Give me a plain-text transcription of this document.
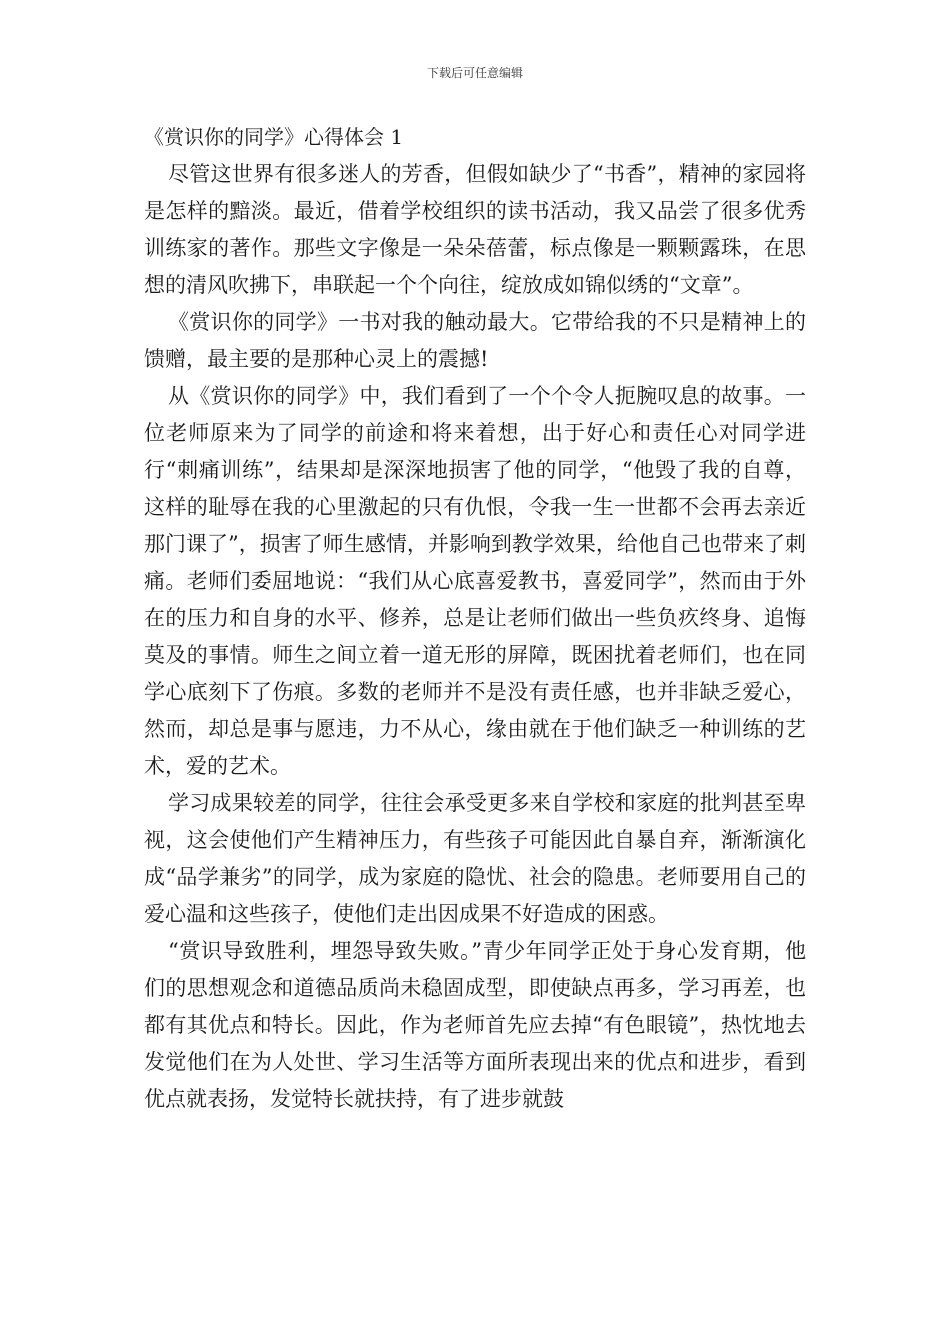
下载后可任意编辑
《赏识你的同学》心得体会 1

尽管这世界有很多迷人的芳香，但假如缺少了“书香”，精神的家园将是怎样的黯淡。最近，借着学校组织的读书活动，我又品尝了很多优秀训练家的著作。那些文字像是一朵朵蓓蕾，标点像是一颗颗露珠，在思想的清风吹拂下，串联起一个个向往，绽放成如锦似绣的“文章”。

《赏识你的同学》一书对我的触动最大。它带给我的不只是精神上的馈赠，最主要的是那种心灵上的震撼!

从《赏识你的同学》中，我们看到了一个个令人扼腕叹息的故事。一位老师原来为了同学的前途和将来着想，出于好心和责任心对同学进行“刺痛训练”，结果却是深深地损害了他的同学，“他毁了我的自尊，这样的耻辱在我的心里激起的只有仇恨，令我一生一世都不会再去亲近那门课了”，损害了师生感情，并影响到教学效果，给他自己也带来了刺痛。老师们委屈地说：“我们从心底喜爱教书，喜爱同学”，然而由于外在的压力和自身的水平、修养，总是让老师们做出一些负疚终身、追悔莫及的事情。师生之间立着一道无形的屏障，既困扰着老师们，也在同学心底刻下了伤痕。多数的老师并不是没有责任感，也并非缺乏爱心，然而，却总是事与愿违，力不从心，缘由就在于他们缺乏一种训练的艺术，爱的艺术。

学习成果较差的同学，往往会承受更多来自学校和家庭的批判甚至卑视，这会使他们产生精神压力，有些孩子可能因此自暴自弃，渐渐演化成“品学兼劣”的同学，成为家庭的隐忧、社会的隐患。老师要用自己的爱心温和这些孩子，使他们走出因成果不好造成的困惑。

“赏识导致胜利，埋怨导致失败。”青少年同学正处于身心发育期，他们的思想观念和道德品质尚未稳固成型，即使缺点再多，学习再差，也都有其优点和特长。因此，作为老师首先应去掉“有色眼镜”，热忱地去发觉他们在为人处世、学习生活等方面所表现出来的优点和进步，看到优点就表扬，发觉特长就扶持，有了进步就鼓
